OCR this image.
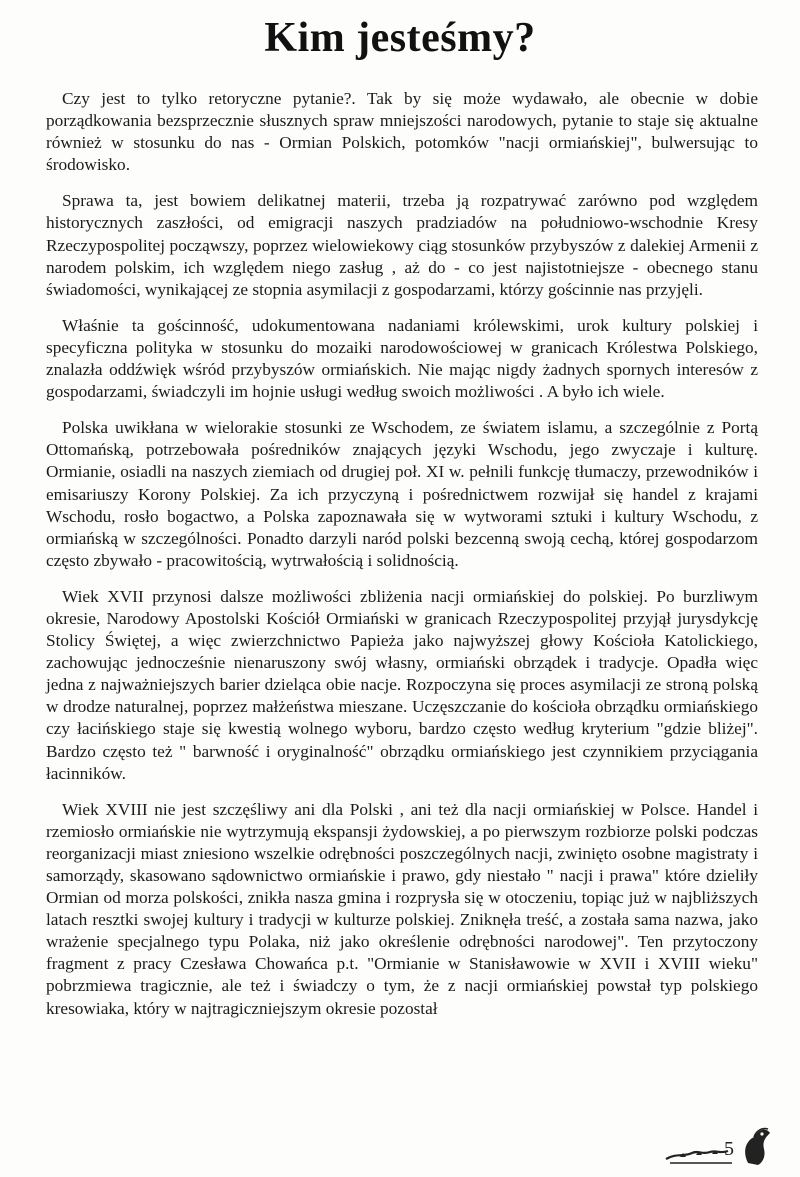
Kim jesteśmy?

Czy jest to tylko retoryczne pytanie?. Tak by się może wydawało, ale obecnie w dobie porządkowania bezsprzecznie słusznych spraw mniejszości narodowych, pytanie to staje się aktualne również w stosunku do nas - Ormian Polskich, potomków "nacji ormiańskiej", bulwersując to środowisko.

Sprawa ta, jest bowiem delikatnej materii, trzeba ją rozpatrywać zarówno pod względem historycznych zaszłości, od emigracji naszych pradziadów na południowo-wschodnie Kresy Rzeczypospolitej począwszy, poprzez wielowiekowy ciąg stosunków przybyszów z dalekiej Armenii z narodem polskim, ich względem niego zasług , aż do - co jest najistotniejsze - obecnego stanu świadomości, wynikającej ze stopnia asymilacji z gospodarzami, którzy gościnnie nas przyjęli.

Właśnie ta gościnność, udokumentowana nadaniami królewskimi, urok kultury polskiej i specyficzna polityka w stosunku do mozaiki narodowościowej w granicach Królestwa Polskiego, znalazła oddźwięk wśród przybyszów ormiańskich. Nie mając nigdy żadnych spornych interesów z gospodarzami, świadczyli im hojnie usługi według swoich możliwości . A było ich wiele.

Polska uwikłana w wielorakie stosunki ze Wschodem, ze światem islamu, a szczególnie z Portą Ottomańską, potrzebowała pośredników znających języki Wschodu, jego zwyczaje i kulturę. Ormianie, osiadli na naszych ziemiach od drugiej poł. XI w. pełnili funkcję tłumaczy, przewodników i emisariuszy Korony Polskiej. Za ich przyczyną i pośrednictwem rozwijał się handel z krajami Wschodu, rosło bogactwo, a Polska zapoznawała się w wytworami sztuki i kultury Wschodu, z ormiańską w szczególności. Ponadto darzyli naród polski bezcenną swoją cechą, której gospodarzom często zbywało - pracowitością, wytrwałością i solidnością.

Wiek XVII przynosi dalsze możliwości zbliżenia nacji ormiańskiej do polskiej. Po burzliwym okresie, Narodowy Apostolski Kościół Ormiański w granicach Rzeczypospolitej przyjął jurysdykcję Stolicy Świętej, a więc zwierzchnictwo Papieża jako najwyższej głowy Kościoła Katolickiego, zachowując jednocześnie nienaruszony swój własny, ormiański obrządek i tradycje. Opadła więc jedna z najważniejszych barier dzieląca obie nacje. Rozpoczyna się proces asymilacji ze stroną polską w drodze naturalnej, poprzez małżeństwa mieszane. Uczęszczanie do kościoła obrządku ormiańskiego czy łacińskiego staje się kwestią wolnego wyboru, bardzo często według kryterium "gdzie bliżej". Bardzo często też " barwność i oryginalność" obrządku ormiańskiego jest czynnikiem przyciągania łacinników.

Wiek XVIII nie jest szczęśliwy ani dla Polski , ani też dla nacji ormiańskiej w Polsce. Handel i rzemiosło ormiańskie nie wytrzymują ekspansji żydowskiej, a po pierwszym rozbiorze polski podczas reorganizacji miast zniesiono wszelkie odrębności poszczególnych nacji, zwinięto osobne magistraty i samorządy, skasowano sądownictwo ormiańskie i prawo, gdy niestało " nacji i prawa" które dzieliły Ormian od morza polskości, znikła nasza gmina i rozprysła się w otoczeniu, topiąc już w najbliższych latach resztki swojej kultury i tradycji w kulturze polskiej. Zniknęła treść, a została sama nazwa, jako wrażenie specjalnego typu Polaka, niż jako określenie odrębności narodowej". Ten przytoczony fragment z pracy Czesława Chowańca p.t. "Ormianie w Stanisławowie w XVII i XVIII wieku" pobrzmiewa tragicznie, ale też i świadczy o tym, że z nacji ormiańskiej powstał typ polskiego kresowiaka, który w najtragiczniejszym okresie pozostał

5
